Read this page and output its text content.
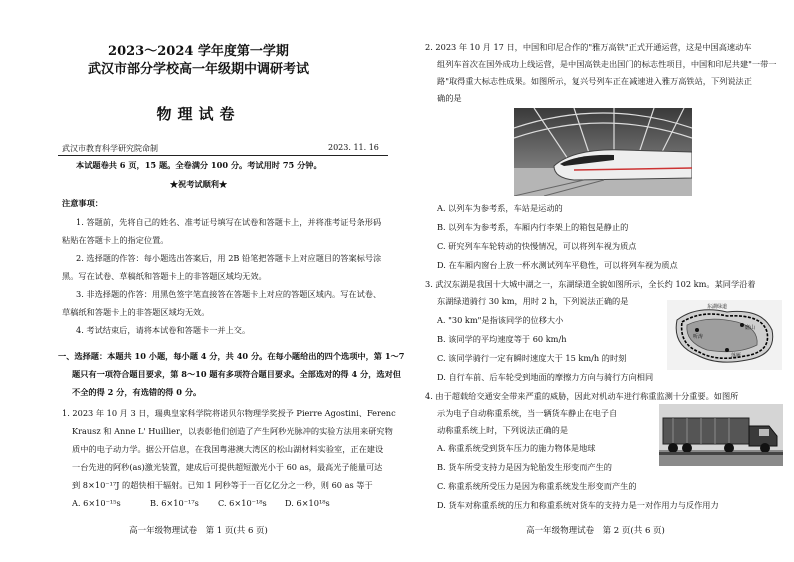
2023～2024 学年度第一学期
武汉市部分学校高一年级期中调研考试
物理试卷
武汉市教育科学研究院命制	2023. 11. 16
本试题卷共 6 页，15 题。全卷满分 100 分。考试用时 75 分钟。
★祝考试顺利★
注意事项：
1. 答题前，先将自己的姓名、准考证号填写在试卷和答题卡上，并将准考证号条形码
粘贴在答题卡上的指定位置。
2. 选择题的作答：每小题选出答案后，用 2B 铅笔把答题卡上对应题目的答案标号涂
黑。写在试卷、草稿纸和答题卡上的非答题区域均无效。
3. 非选择题的作答：用黑色签字笔直接答在答题卡上对应的答题区域内。写在试卷、
草稿纸和答题卡上的非答题区域均无效。
4. 考试结束后，请将本试卷和答题卡一并上交。
一、选择题：本题共 10 小题，每小题 4 分，共 40 分。在每小题给出的四个选项中，第 1～7
题只有一项符合题目要求，第 8～10 题有多项符合题目要求。全部选对的得 4 分，选对但
不全的得 2 分，有选错的得 0 分。
1. 2023 年 10 月 3 日，瑞典皇家科学院将诺贝尔物理学奖授予 Pierre Agostini、Ferenc
Krausz 和 Anne L' Huillier，以表彰他们创造了产生阿秒光脉冲的实验方法用来研究物
质中的电子动力学。据公开信息，在我国粤港澳大湾区的松山湖材料实验室，正在建设
一台先进的阿秒(as)激光装置，建成后可提供超短激光小于 60 as，最高光子能量可达
到 8×10⁻¹⁷J 的超快相干辐射。已知 1 阿秒等于一百亿亿分之一秒，则 60 as 等于
A. 6×10⁻¹⁵s	B. 6×10⁻¹⁷s C. 6×10⁻¹⁸s D. 6×10¹⁸s
高一年级物理试卷　第 1 页(共 6 页)
2. 2023 年 10 月 17 日，中国和印尼合作的"雅万高铁"正式开通运营，这是中国高速动车
组列车首次在国外成功上线运营，是中国高铁走出国门的标志性项目，中国和印尼共建"一带一
路"取得重大标志性成果。如图所示，复兴号列车正在减速进入雅万高铁站，下列说法正
确的是
A. 以列车为参考系，车站是运动的
B. 以列车为参考系，车厢内行李架上的箱包是静止的
C. 研究列车车轮转动的快慢情况，可以将列车视为质点
D. 在车厢内窗台上放一杯水测试列车平稳性，可以将列车视为质点
3. 武汉东湖是我国十大城中湖之一，东湖绿道全貌如图所示，全长约 102 km。某同学沿着
东湖绿道骑行 30 km，用时 2 h，下列说法正确的是
A. "30 km"是指该同学的位移大小
B. 该同学的平均速度等于 60 km/h
C. 该同学骑行一定有瞬时速度大于 15 km/h 的时刻
东湖绿道
磨山
听涛
落雁
D. 自行车前、后车轮受到地面的摩擦力方向与骑行方向相同
4. 由于超载给交通安全带来严重的威胁，因此对机动车进行称重监测十分重要。如图所
示为电子自动称重系统，当一辆货车静止在电子自
动称重系统上时，下列说法正确的是
A. 称重系统受到货车压力的施力物体是地球
B. 货车所受支持力是因为轮胎发生形变而产生的
C. 称重系统所受压力是因为称重系统发生形变而产生的
D. 货车对称重系统的压力和称重系统对货车的支持力是一对作用力与反作用力
高一年级物理试卷　第 2 页(共 6 页)
